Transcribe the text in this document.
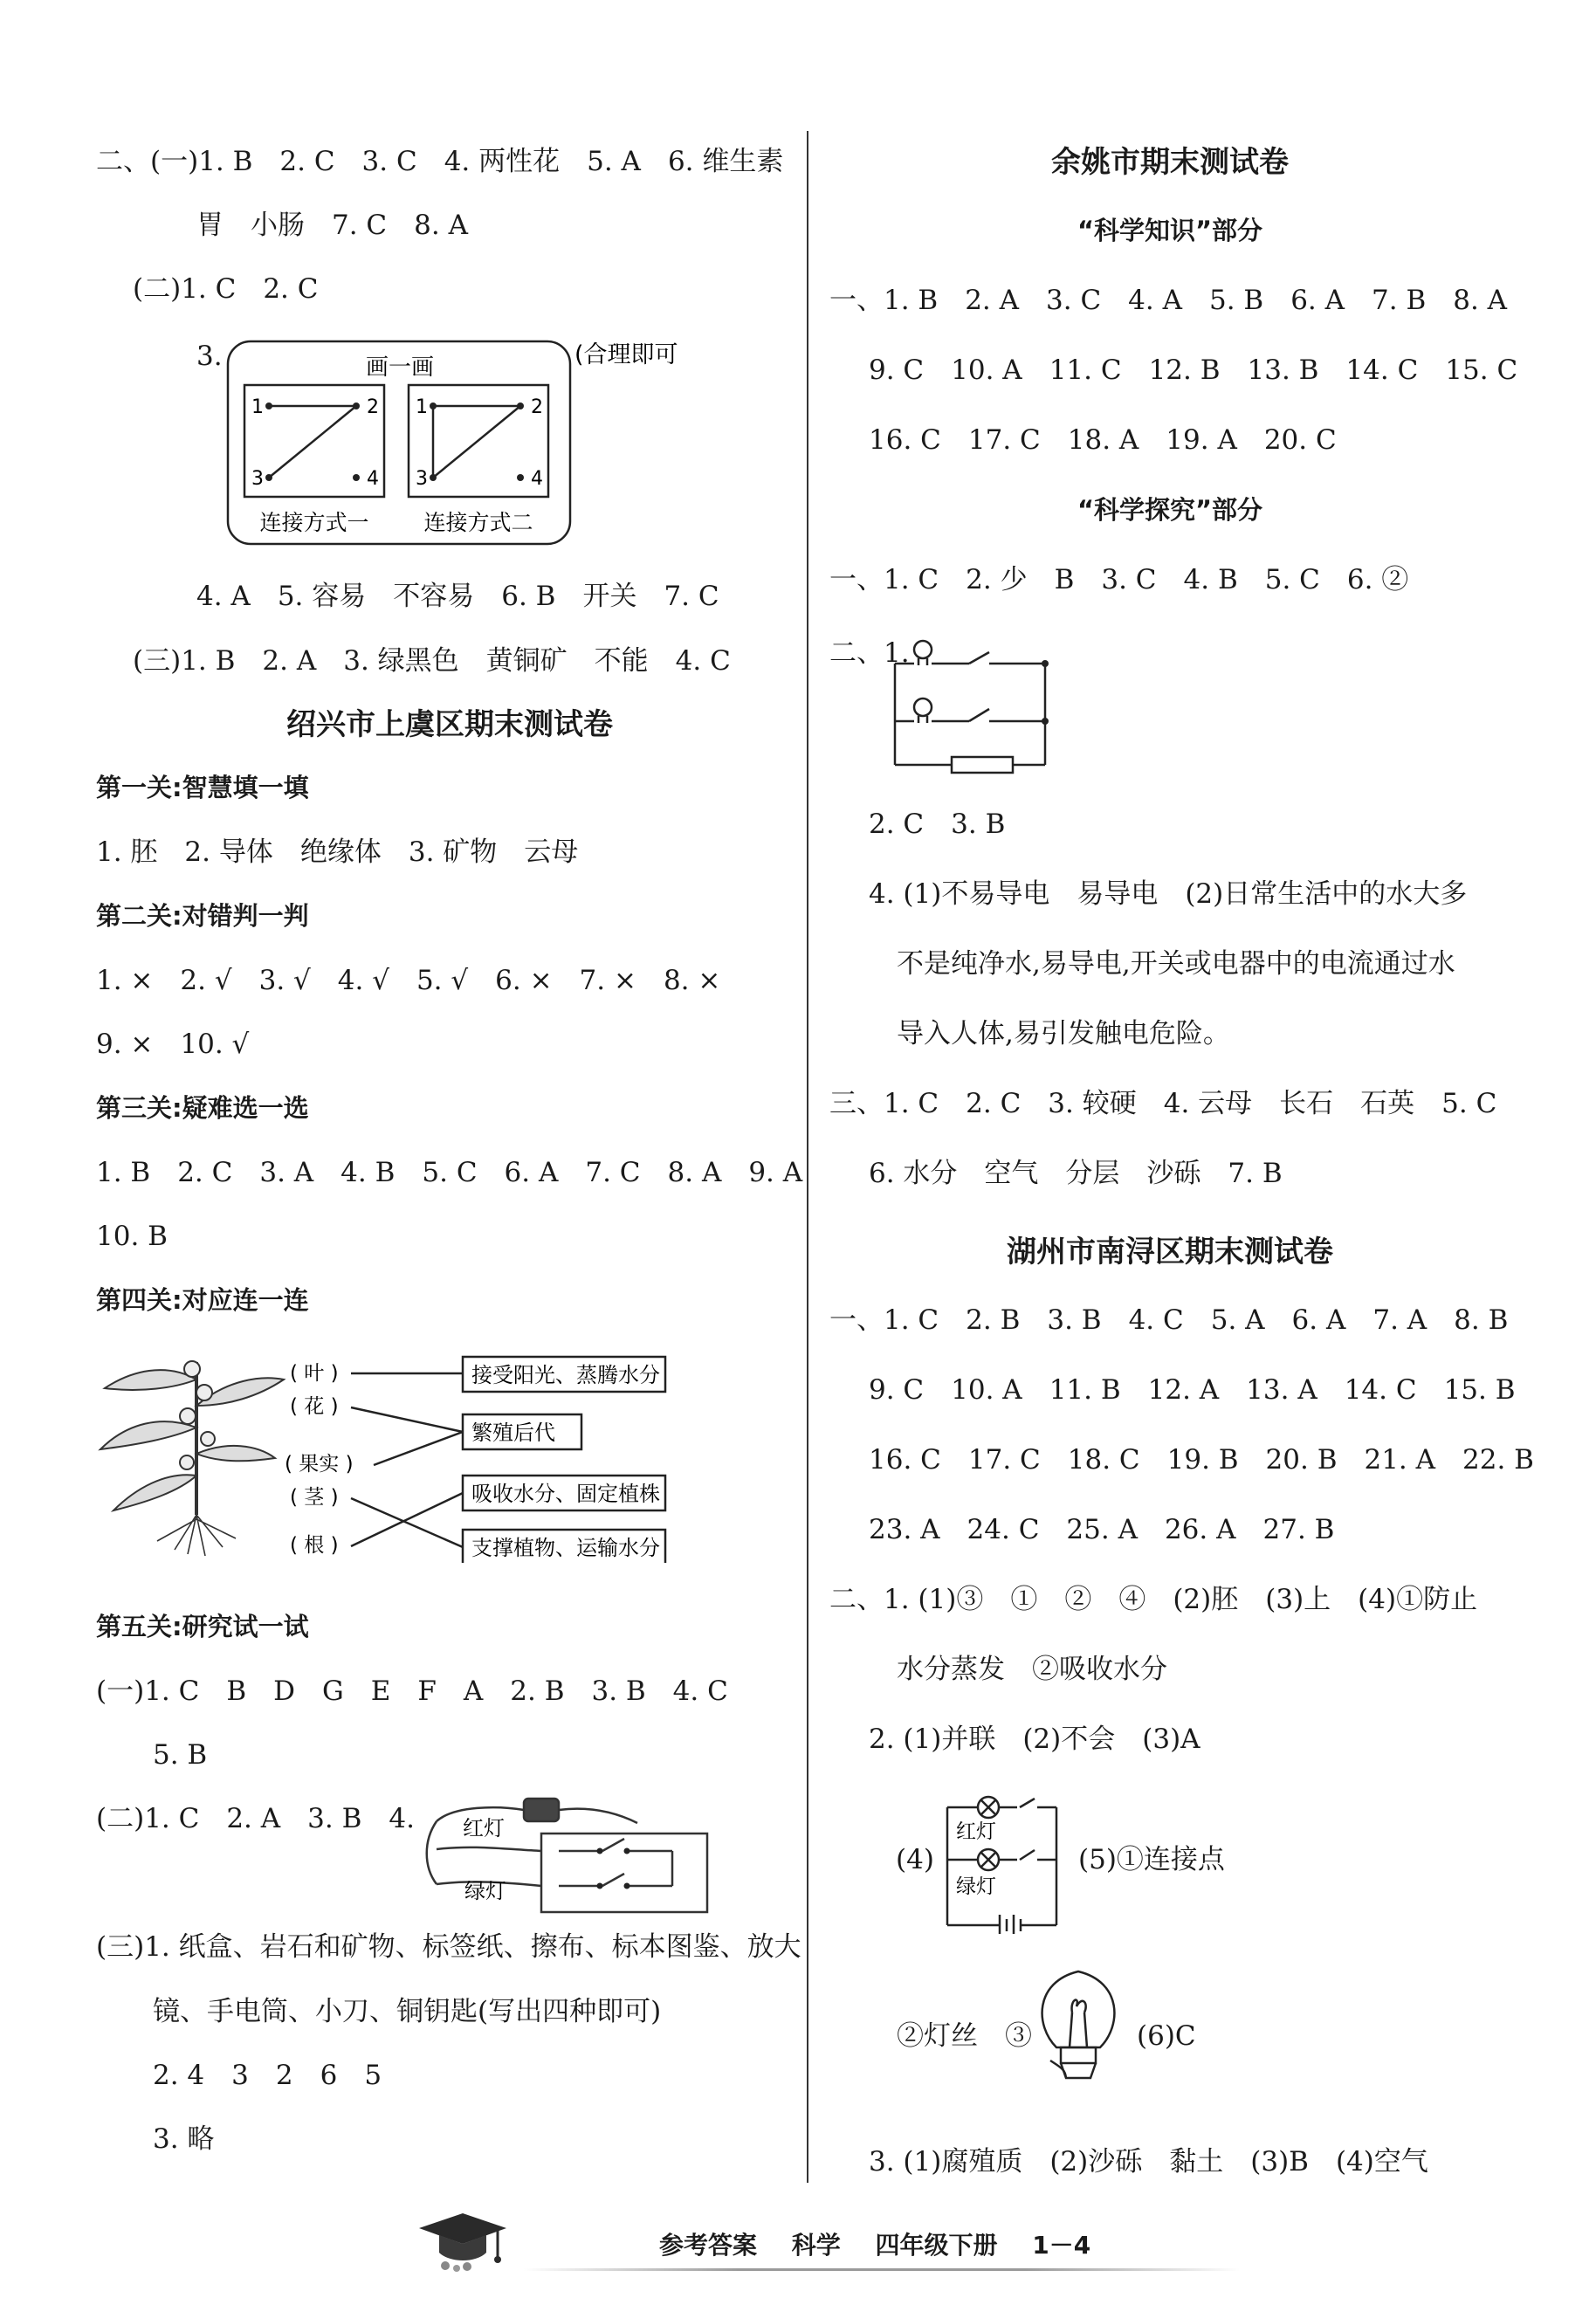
二、(一)1. B　2. C　3. C　4. 两性花　5. A　6. 维生素
胃　小肠　7. C　8. A
(二)1. C　2. C
3.	画一画
1	2
3	4
1	2
3	4
连接方式一	连接方式二
(合理即可)
4. A　5. 容易　不容易　6. B　开关　7. C
(三)1. B　2. A　3. 绿黑色　黄铜矿　不能　4. C
绍兴市上虞区期末测试卷
第一关:智慧填一填
1. 胚　2. 导体　绝缘体　3. 矿物　云母
第二关:对错判一判
1. ×　2. √　3. √　4. √　5. √　6. ×　7. ×　8. ×
9. ×　10. √
第三关:疑难选一选
1. B　2. C　3. A　4. B　5. C　6. A　7. C　8. A　9. A
10. B
第四关:对应连一连
( 叶 )
( 花 )
( 果实 )
( 茎 )
( 根 )
接受阳光、蒸腾水分
繁殖后代
吸收水分、固定植株
支撑植物、运输水分
第五关:研究试一试
(一)1. C　B　D　G　E　F　A　2. B　3. B　4. C
5. B
(二)1. C　2. A　3. B　4. 红灯
绿灯
(三)1. 纸盒、岩石和矿物、标签纸、擦布、标本图鉴、放大
镜、手电筒、小刀、铜钥匙(写出四种即可)
2. 4　3　2　6　5
3. 略
余姚市期末测试卷
“科学知识”部分
一、1. B　2. A　3. C　4. A　5. B　6. A　7. B　8. A
9. C　10. A　11. C　12. B　13. B　14. C　15. C
16. C　17. C　18. A　19. A　20. C
“科学探究”部分
一、1. C　2. 少　B　3. C　4. B　5. C　6. ②
二、1.
2. C　3. B
4. (1)不易导电　易导电　(2)日常生活中的水大多
不是纯净水,易导电,开关或电器中的电流通过水
导入人体,易引发触电危险。
三、1. C　2. C　3. 较硬　4. 云母　长石　石英　5. C
6. 水分　空气　分层　沙砾　7. B
湖州市南浔区期末测试卷
一、1. C　2. B　3. B　4. C　5. A　6. A　7. A　8. B
9. C　10. A　11. B　12. A　13. A　14. C　15. B
16. C　17. C　18. C　19. B　20. B　21. A　22. B
23. A　24. C　25. A　26. A　27. B
二、1. (1)③　①　②　④　(2)胚　(3)上　(4)①防止
水分蒸发　②吸收水分
2. (1)并联　(2)不会　(3)A
(4)
红灯
绿灯
(5)①连接点
②灯丝　③	(6)C
3. (1)腐殖质　(2)沙砾　黏土　(3)B　(4)空气
参考答案 科学 四年级下册 1－4
